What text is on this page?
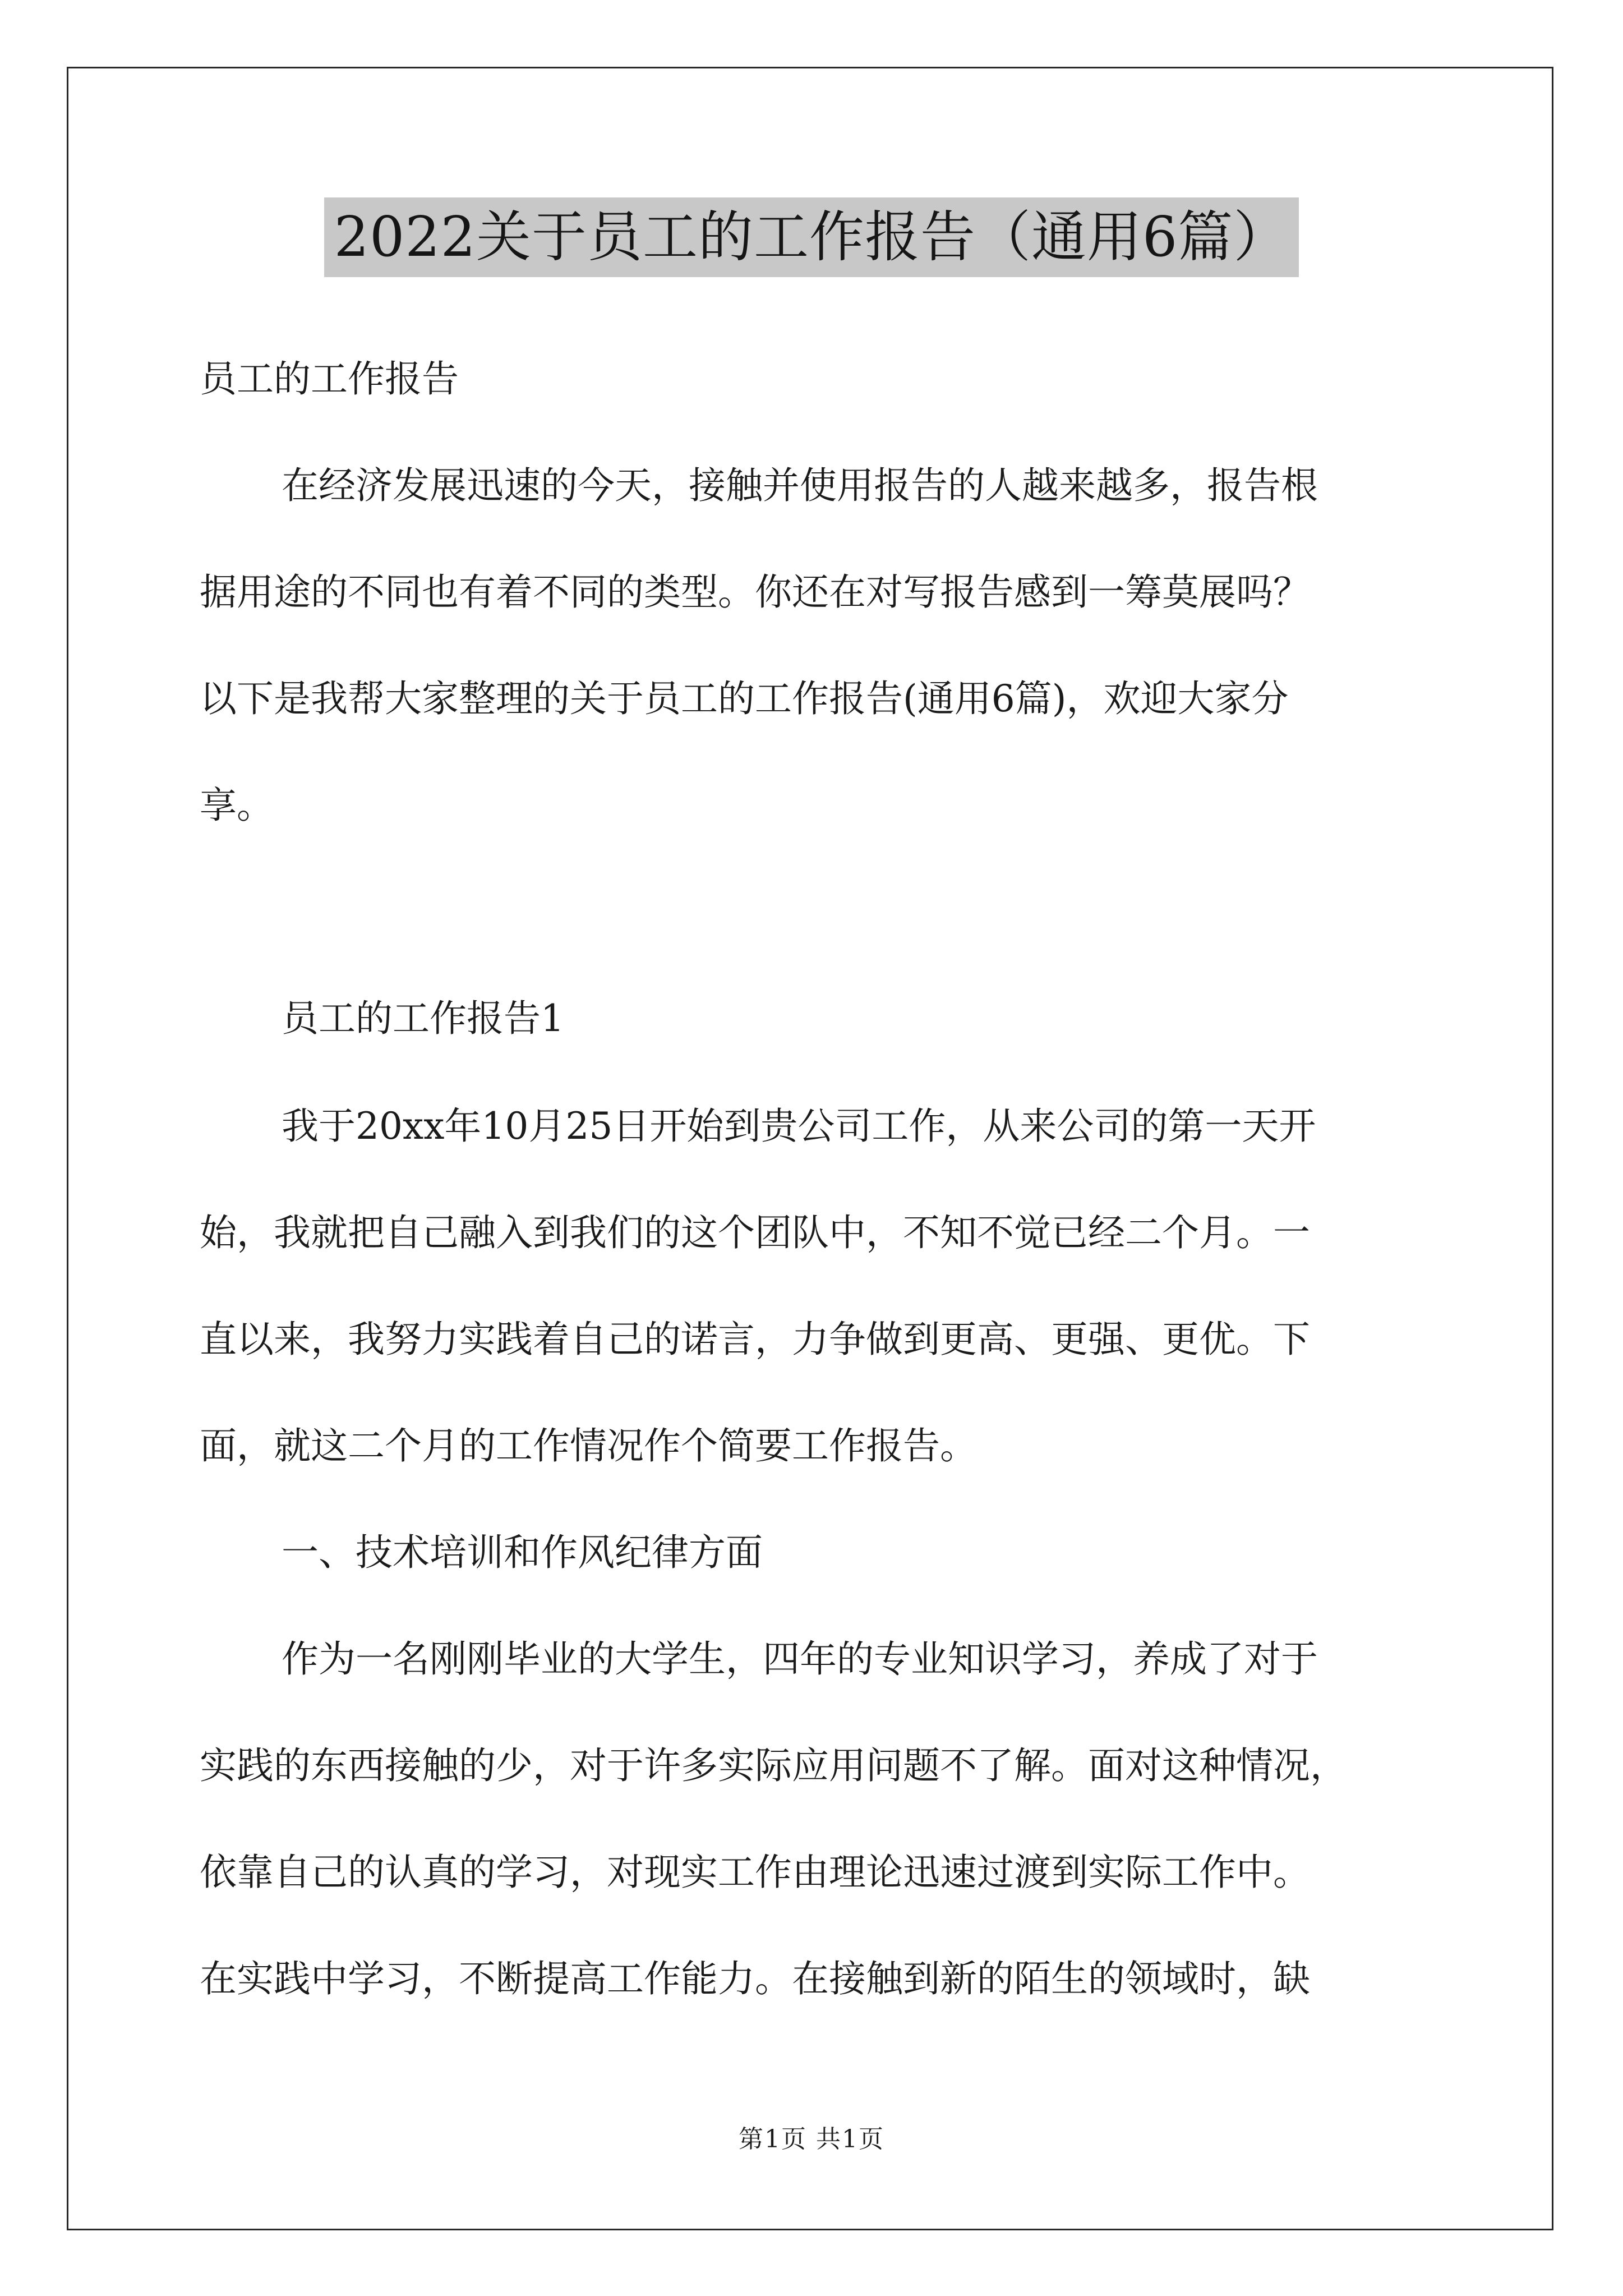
2022关于员工的工作报告（通用6篇）
员工的工作报告
在经济发展迅速的今天，接触并使用报告的人越来越多，报告根
据用途的不同也有着不同的类型。你还在对写报告感到一筹莫展吗？
以下是我帮大家整理的关于员工的工作报告(通用6篇)，欢迎大家分
享。
员工的工作报告1
我于20xx年10月25日开始到贵公司工作，从来公司的第一天开
始，我就把自己融入到我们的这个团队中，不知不觉已经二个月。一
直以来，我努力实践着自己的诺言，力争做到更高、更强、更优。下
面，就这二个月的工作情况作个简要工作报告。
一、技术培训和作风纪律方面
作为一名刚刚毕业的大学生，四年的专业知识学习，养成了对于
实践的东西接触的少，对于许多实际应用问题不了解。面对这种情况，
依靠自己的认真的学习，对现实工作由理论迅速过渡到实际工作中。
在实践中学习，不断提高工作能力。在接触到新的陌生的领域时，缺
第1页 共1页
